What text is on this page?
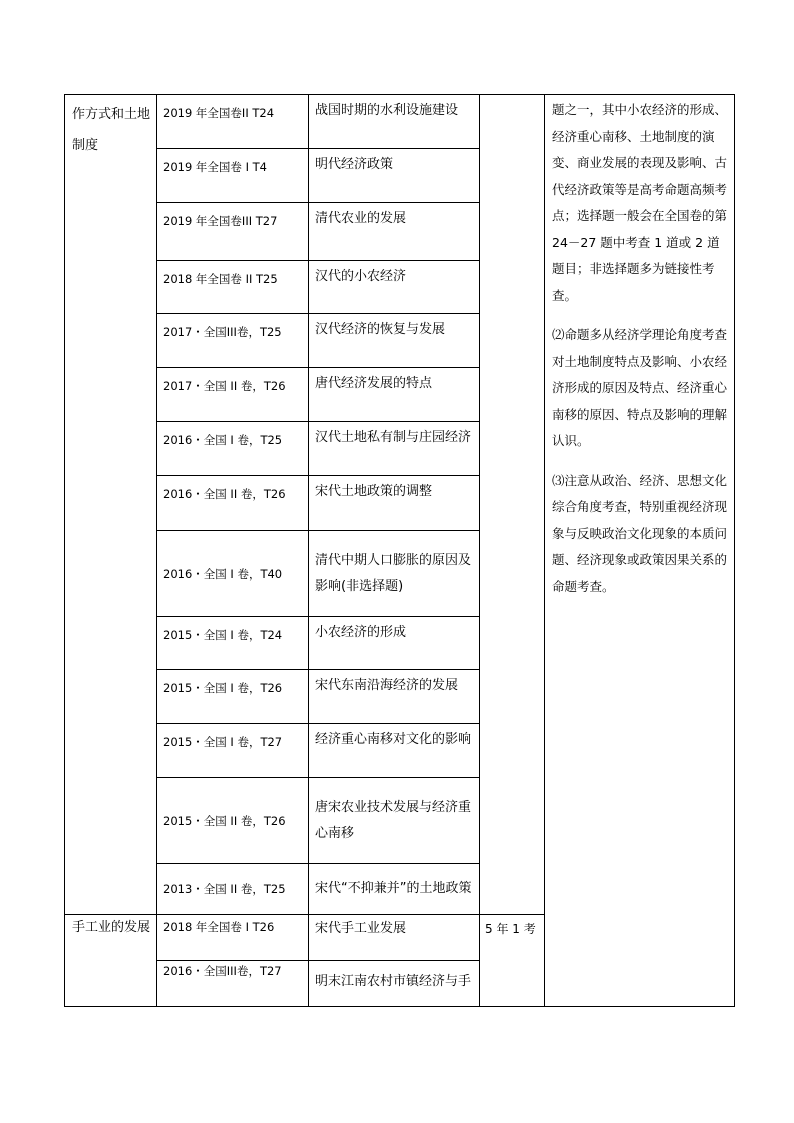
作方式和土地制度	2019 年全国卷II T24	战国时期的水利设施建设		题之一，其中小农经济的形成、经济重心南移、土地制度的演变、商业发展的表现及影响、古代经济政策等是高考命题高频考点；选择题一般会在全国卷的第 24－27 题中考查 1 道或 2 道题目；非选择题多为链接性考查。

⑵命题多从经济学理论角度考查对土地制度特点及影响、小农经济形成的原因及特点、经济重心南移的原因、特点及影响的理解认识。

⑶注意从政治、经济、思想文化综合角度考查，特别重视经济现象与反映政治文化现象的本质问题、经济现象或政策因果关系的命题考查。

	2019 年全国卷 I T4	明代经济政策		
	2019 年全国卷III T27	清代农业的发展		
	2018 年全国卷 II T25	汉代的小农经济		
	2017・全国III卷，T25	汉代经济的恢复与发展		
	2017・全国 II 卷，T26	唐代经济发展的特点		
	2016・全国 I 卷，T25	汉代土地私有制与庄园经济		
	2016・全国 II 卷，T26	宋代土地政策的调整		
	2016・全国 I 卷，T40	清代中期人口膨胀的原因及影响(非选择题)		
	2015・全国 I 卷，T24	小农经济的形成		
	2015・全国 I 卷，T26	宋代东南沿海经济的发展		
	2015・全国 I 卷，T27	经济重心南移对文化的影响		
	2015・全国 II 卷，T26	唐宋农业技术发展与经济重心南移		
	2013・全国 II 卷，T25	宋代“不抑兼并”的土地政策		
手工业的发展	2018 年全国卷 I T26	宋代手工业发展	5 年 1 考	
	2016・全国III卷，T27	明末江南农村市镇经济与手		
